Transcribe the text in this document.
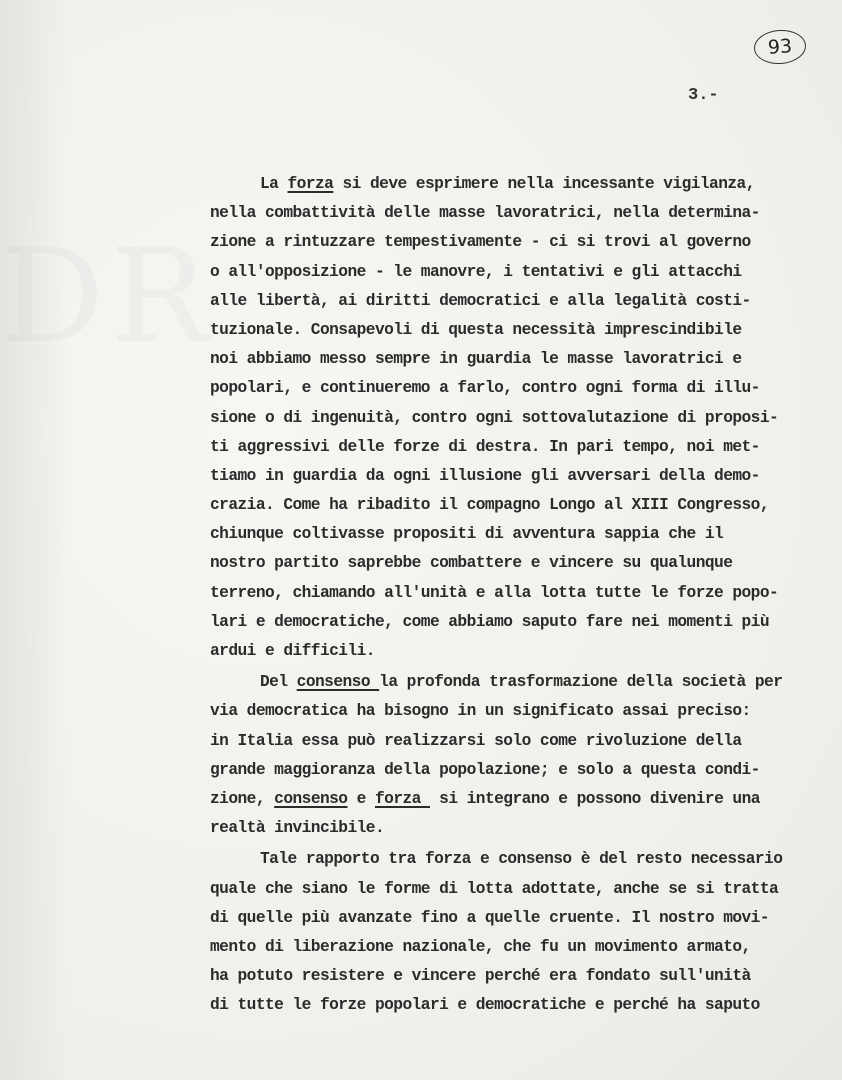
DR
93
3.-
La forza si deve esprimere nella incessante vigilanza,
nella combattività delle masse lavoratrici, nella determina-
zione a rintuzzare tempestivamente - ci si trovi al governo
o all'opposizione - le manovre, i tentativi e gli attacchi
alle libertà, ai diritti democratici e alla legalità costi-
tuzionale. Consapevoli di questa necessità imprescindibile
noi abbiamo messo sempre in guardia le masse lavoratrici e
popolari, e continueremo a farlo, contro ogni forma di illu-
sione o di ingenuità, contro ogni sottovalutazione di proposi-
ti aggressivi delle forze di destra. In pari tempo, noi met-
tiamo in guardia da ogni illusione gli avversari della demo-
crazia. Come ha ribadito il compagno Longo al XIII Congresso,
chiunque coltivasse propositi di avventura sappia che il
nostro partito saprebbe combattere e vincere su qualunque
terreno, chiamando all'unità e alla lotta tutte le forze popo-
lari e democratiche, come abbiamo saputo fare nei momenti più
ardui e difficili.
Del consenso la profonda trasformazione della società per
via democratica ha bisogno in un significato assai preciso:
in Italia essa può realizzarsi solo come rivoluzione della
grande maggioranza della popolazione; e solo a questa condi-
zione, consenso e forza  si integrano e possono divenire una
realtà invincibile.
Tale rapporto tra forza e consenso è del resto necessario
quale che siano le forme di lotta adottate, anche se si tratta
di quelle più avanzate fino a quelle cruente. Il nostro movi-
mento di liberazione nazionale, che fu un movimento armato,
ha potuto resistere e vincere perché era fondato sull'unità
di tutte le forze popolari e democratiche e perché ha saputo
